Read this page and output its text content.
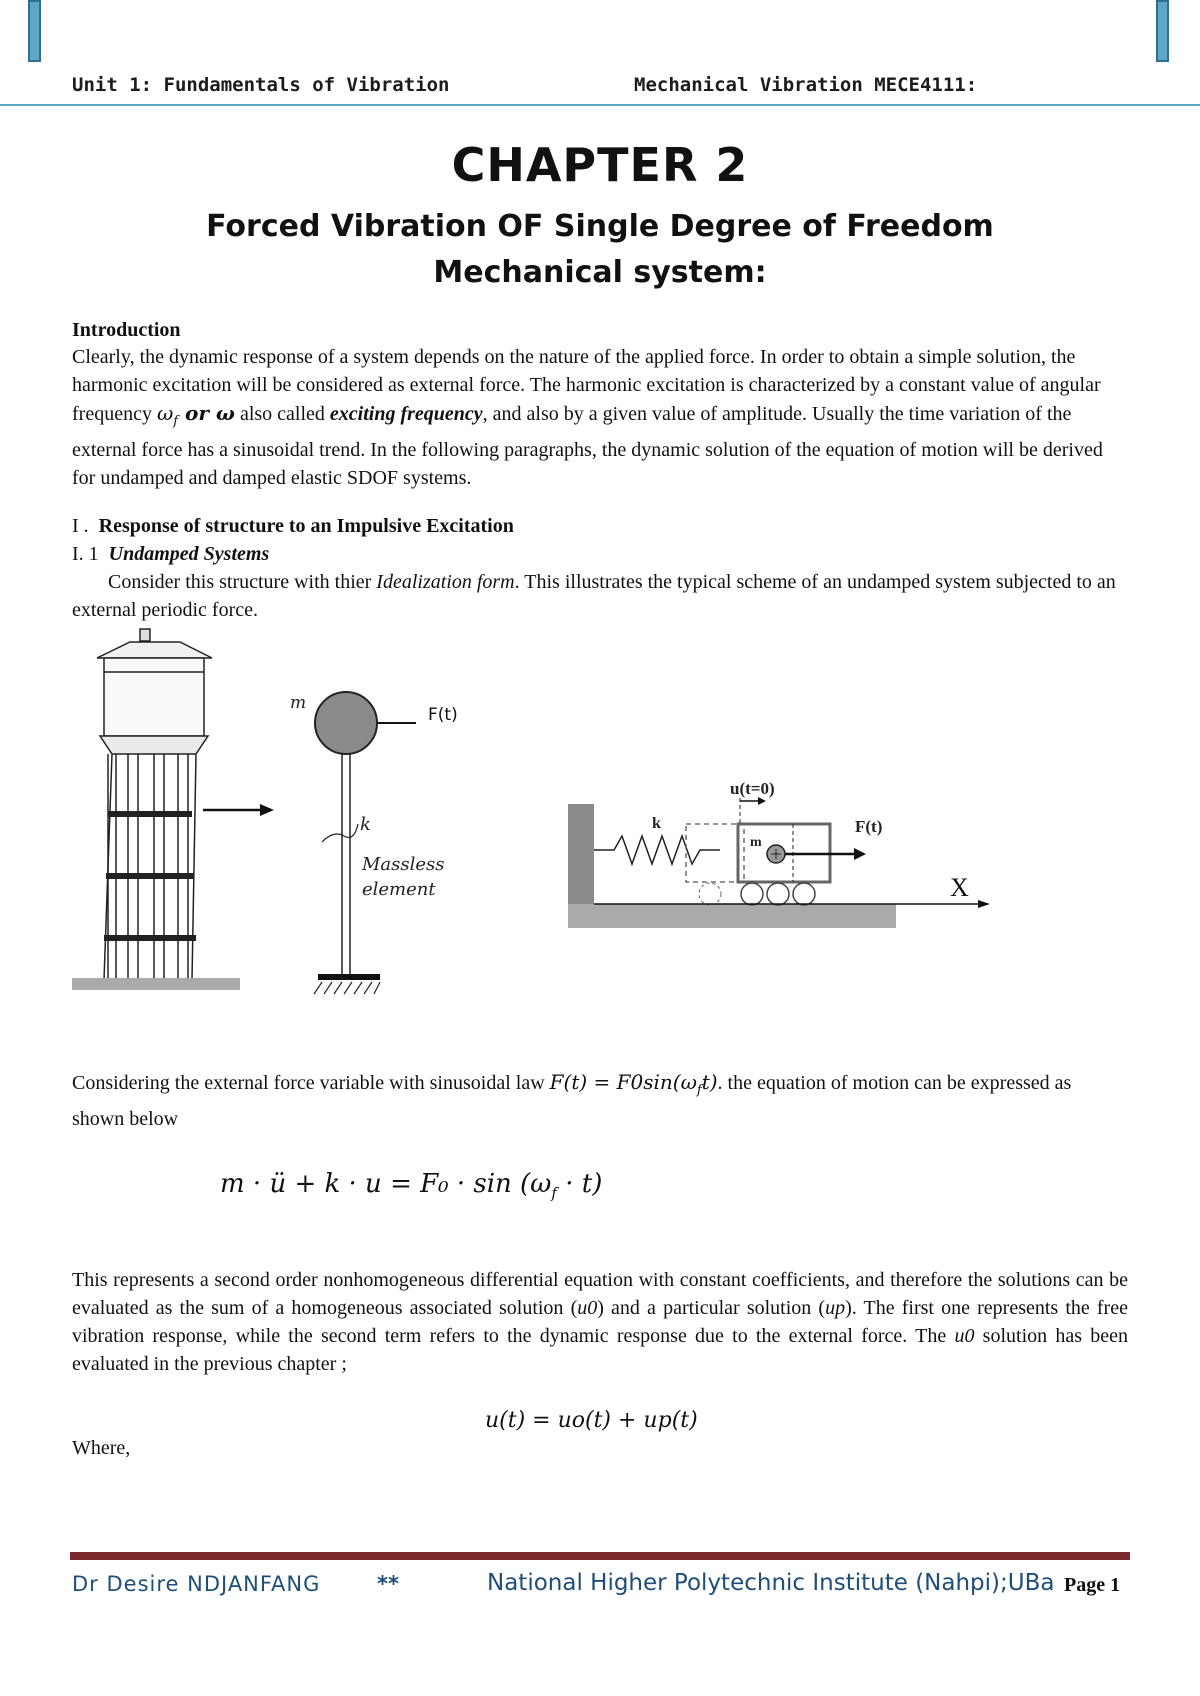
Unit 1: Fundamentals of Vibration	Mechanical Vibration MECE4111:
CHAPTER 2
Forced Vibration OF Single Degree of Freedom Mechanical system:
Introduction
Clearly, the dynamic response of a system depends on the nature of the applied force. In order to obtain a simple solution, the harmonic excitation will be considered as external force. The harmonic excitation is characterized by a constant value of angular frequency $\omega_f$ or ω also called exciting frequency, and also by a given value of amplitude. Usually the time variation of the external force has a sinusoidal trend. In the following paragraphs, the dynamic solution of the equation of motion will be derived for undamped and damped elastic SDOF systems.
I . Response of structure to an Impulsive Excitation
I. 1 Undamped Systems
Consider this structure with thier Idealization form. This illustrates the typical scheme of an undamped system subjected to an external periodic force.
m
F(t)
k
Massless
element
u(t=0)
k
m
F(t)
X
Considering the external force variable with sinusoidal law $F(t) = F0\sin(\omega_ft)$. the equation of motion can be expressed as shown below
m · ü + $k \cdot u = F_0 \cdot \sin (\omega_f \cdot t)$
This represents a second order nonhomogeneous differential equation with constant coefficients, and therefore the solutions can be evaluated as the sum of a homogeneous associated solution (u0) and a particular solution (up). The first one represents the free vibration response, while the second term refers to the dynamic response due to the external force. The u0 solution has been evaluated in the previous chapter ;
u(t) = uo(t) + up(t)
Where,
Dr Desire NDJANFANG	**	National Higher Polytechnic Institute (Nahpi);UBa Page 1
